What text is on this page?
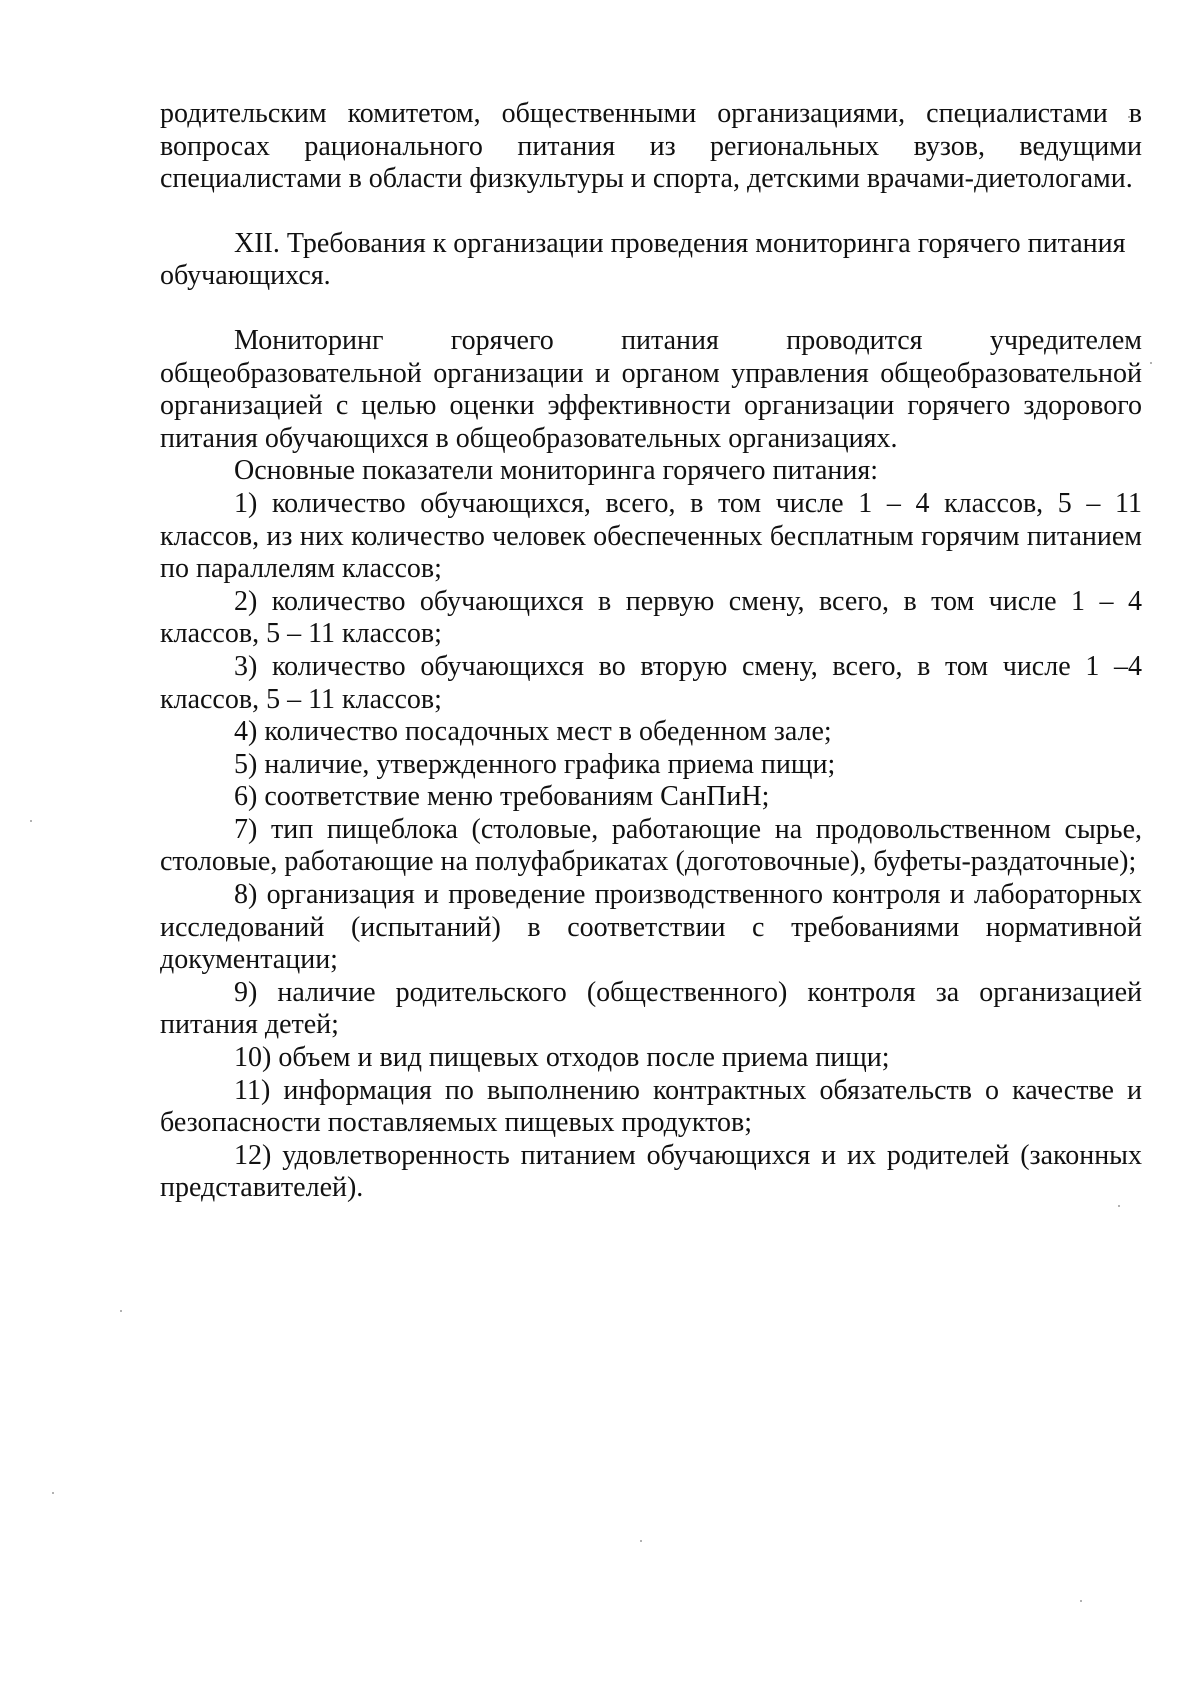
родительским комитетом, общественными организациями, специалистами в вопросах рационального питания из региональных вузов, ведущими специалистами в области физкультуры и спорта, детскими врачами-диетологами.

XII. Требования к организации проведения мониторинга горячего питания обучающихся.

Мониторинг горячего питания проводится учредителем общеобразовательной организации и органом управления общеобразовательной организацией с целью оценки эффективности организации горячего здорового питания обучающихся в общеобразовательных организациях.

Основные показатели мониторинга горячего питания:

1) количество обучающихся, всего, в том числе 1 – 4 классов, 5 – 11 классов, из них количество человек обеспеченных бесплатным горячим питанием по параллелям классов;

2) количество обучающихся в первую смену, всего, в том числе 1 – 4 классов, 5 – 11 классов;

3) количество обучающихся во вторую смену, всего, в том числе 1 –4 классов, 5 – 11 классов;

4) количество посадочных мест в обеденном зале;

5) наличие, утвержденного графика приема пищи;

6) соответствие меню требованиям СанПиН;

7) тип пищеблока (столовые, работающие на продовольственном сырье, столовые, работающие на полуфабрикатах (доготовочные), буфеты-раздаточные);

8) организация и проведение производственного контроля и лабораторных исследований (испытаний) в соответствии с требованиями нормативной документации;

9) наличие родительского (общественного) контроля за организацией питания детей;

10) объем и вид пищевых отходов после приема пищи;

11) информация по выполнению контрактных обязательств о качестве и безопасности поставляемых пищевых продуктов;

12) удовлетворенность питанием обучающихся и их родителей (законных представителей).
